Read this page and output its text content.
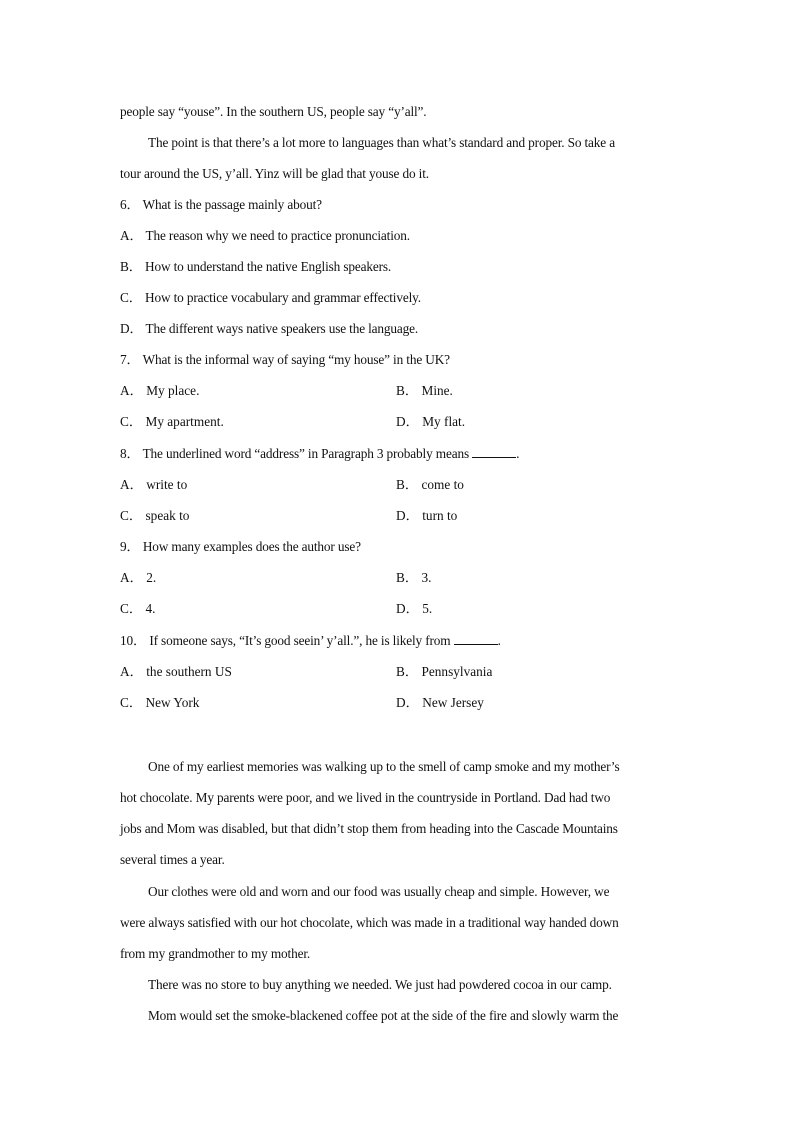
people say “youse”. In the southern US, people say “y’all”.
The point is that there’s a lot more to languages than what’s standard and proper. So take a
tour around the US, y’all. Yinz will be glad that youse do it.
6． What is the passage mainly about?
A． The reason why we need to practice pronunciation.
B． How to understand the native English speakers.
C． How to practice vocabulary and grammar effectively.
D． The different ways native speakers use the language.
7． What is the informal way of saying “my house” in the UK?
A． My place.	B． Mine.
C． My apartment.	D． My flat.
8． The underlined word “address” in Paragraph 3 probably means	.
A． write to	B． come to
C． speak to	D． turn to
9． How many examples does the author use?
A． 2.	B． 3.
C． 4.	D． 5.
10． If someone says, “It’s good seein’ y’all.”, he is likely from	.
A． the southern US	B． Pennsylvania
C． New York	D． New Jersey
One of my earliest memories was walking up to the smell of camp smoke and my mother’s
hot chocolate. My parents were poor, and we lived in the countryside in Portland. Dad had two
jobs and Mom was disabled, but that didn’t stop them from heading into the Cascade Mountains
several times a year.
Our clothes were old and worn and our food was usually cheap and simple. However, we
were always satisfied with our hot chocolate, which was made in a traditional way handed down
from my grandmother to my mother.
There was no store to buy anything we needed. We just had powdered cocoa in our camp.
Mom would set the smoke-blackened coffee pot at the side of the fire and slowly warm the
